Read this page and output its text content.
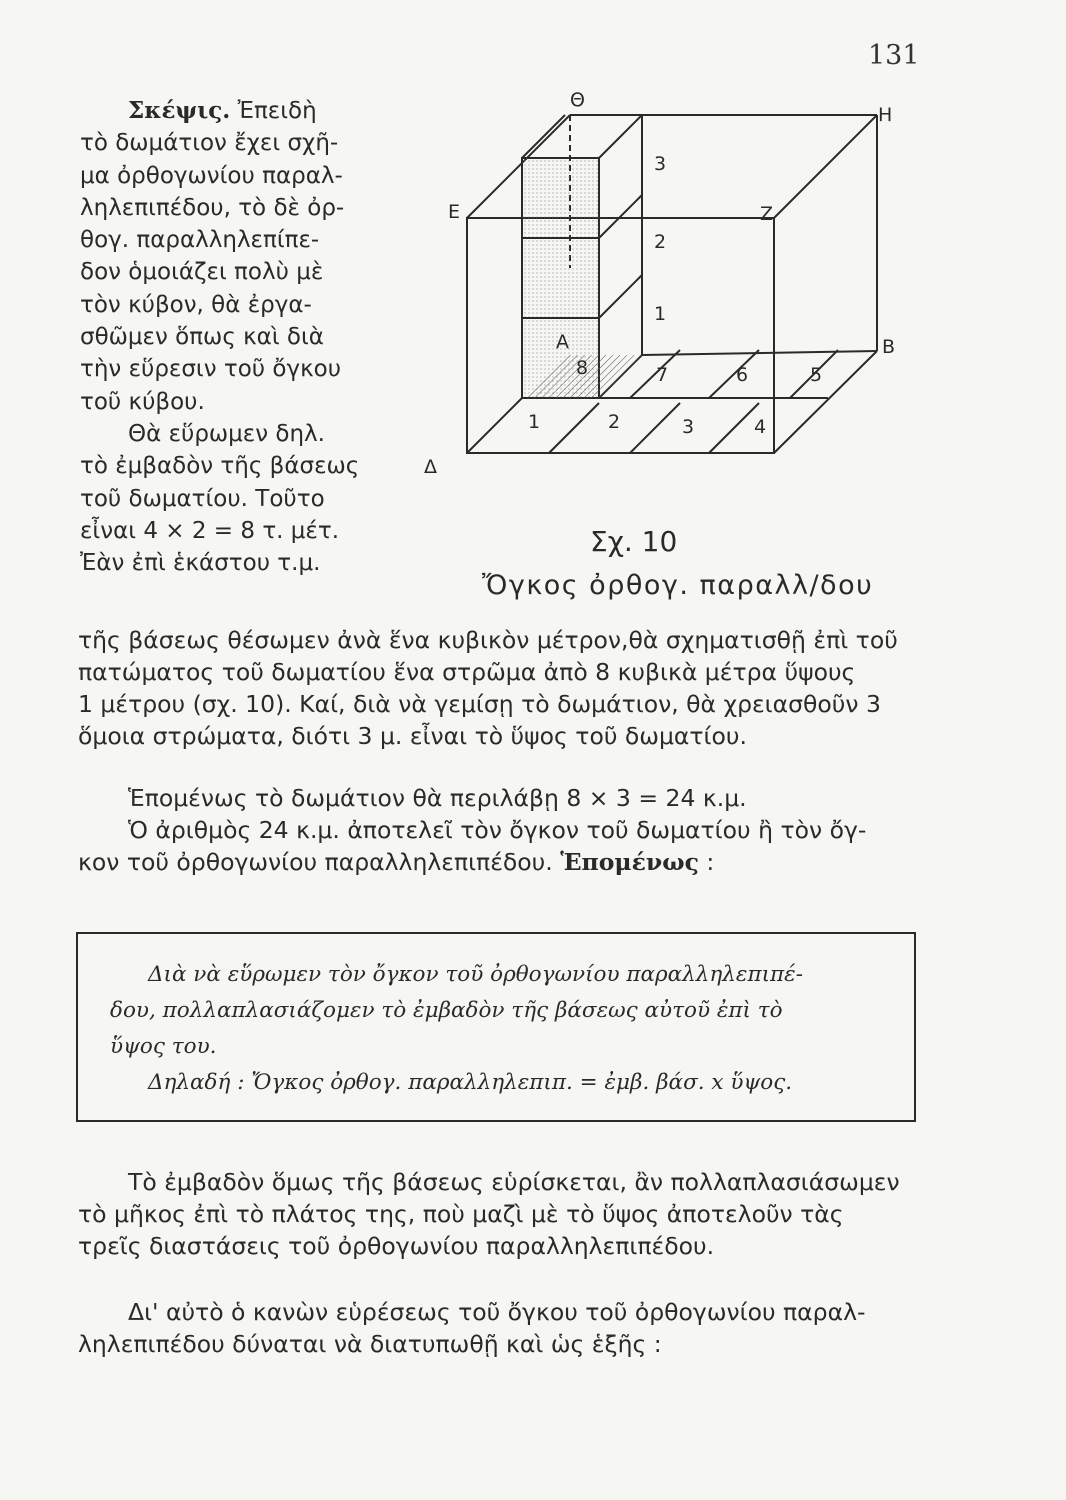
131
Σκέψις. Ἐπειδὴ
τὸ δωμάτιον ἔχει σχῆ-
μα ὀρθογωνίου παραλ-
ληλεπιπέδου, τὸ δὲ ὀρ-
θογ. παραλληλεπίπε-
δον ὁμοιάζει πολὺ μὲ
τὸν κύβον, θὰ ἐργα-
σθῶμεν ὅπως καὶ διὰ
τὴν εὕρεσιν τοῦ ὄγκου
τοῦ κύβου.
Θὰ εὕρωμεν δηλ.
τὸ ἐμβαδὸν τῆς βάσεως
τοῦ δωματίου. Τοῦτο
εἶναι 4 × 2 = 8 τ. μέτ.
Ἐὰν ἐπὶ ἑκάστου τ.μ.
Θ
Η
Ε	Ζ
Α	Β
Δ
3
2
1
1	2	3	4
5
6
7
8
Σχ. 10
Ὄγκος ὀρθογ. παραλλ/δου
τῆς βάσεως θέσωμεν ἀνὰ ἕνα κυβικὸν μέτρον,θὰ σχηματισθῇ ἐπὶ τοῦ
πατώματος τοῦ δωματίου ἕνα στρῶμα ἀπὸ 8 κυβικὰ μέτρα ὕψους
1 μέτρου (σχ. 10). Καί, διὰ νὰ γεμίσῃ τὸ δωμάτιον, θὰ χρειασθοῦν 3
ὅμοια στρώματα, διότι 3 μ. εἶναι τὸ ὕψος τοῦ δωματίου.
Ἑπομένως τὸ δωμάτιον θὰ περιλάβῃ 8 × 3 = 24 κ.μ.
Ὁ ἀριθμὸς 24 κ.μ. ἀποτελεῖ τὸν ὄγκον τοῦ δωματίου ἢ τὸν ὄγ-
κον τοῦ ὀρθογωνίου παραλληλεπιπέδου. Ἑπομένως :
Διὰ νὰ εὕρωμεν τὸν ὄγκον τοῦ ὀρθογωνίου παραλληλεπιπέ-
δου, πολλαπλασιάζομεν τὸ ἐμβαδὸν τῆς βάσεως αὐτοῦ ἐπὶ τὸ
ὕψος του.
Δηλαδή : Ὄγκος ὀρθογ. παραλληλεπιπ. = ἐμβ. βάσ. x ὕψος.
Τὸ ἐμβαδὸν ὅμως τῆς βάσεως εὑρίσκεται, ἂν πολλαπλασιάσωμεν
τὸ μῆκος ἐπὶ τὸ πλάτος της, ποὺ μαζὶ μὲ τὸ ὕψος ἀποτελοῦν τὰς
τρεῖς διαστάσεις τοῦ ὀρθογωνίου παραλληλεπιπέδου.
Δι' αὐτὸ ὁ κανὼν εὑρέσεως τοῦ ὄγκου τοῦ ὀρθογωνίου παραλ-
ληλεπιπέδου δύναται νὰ διατυπωθῇ καὶ ὡς ἑξῆς :
